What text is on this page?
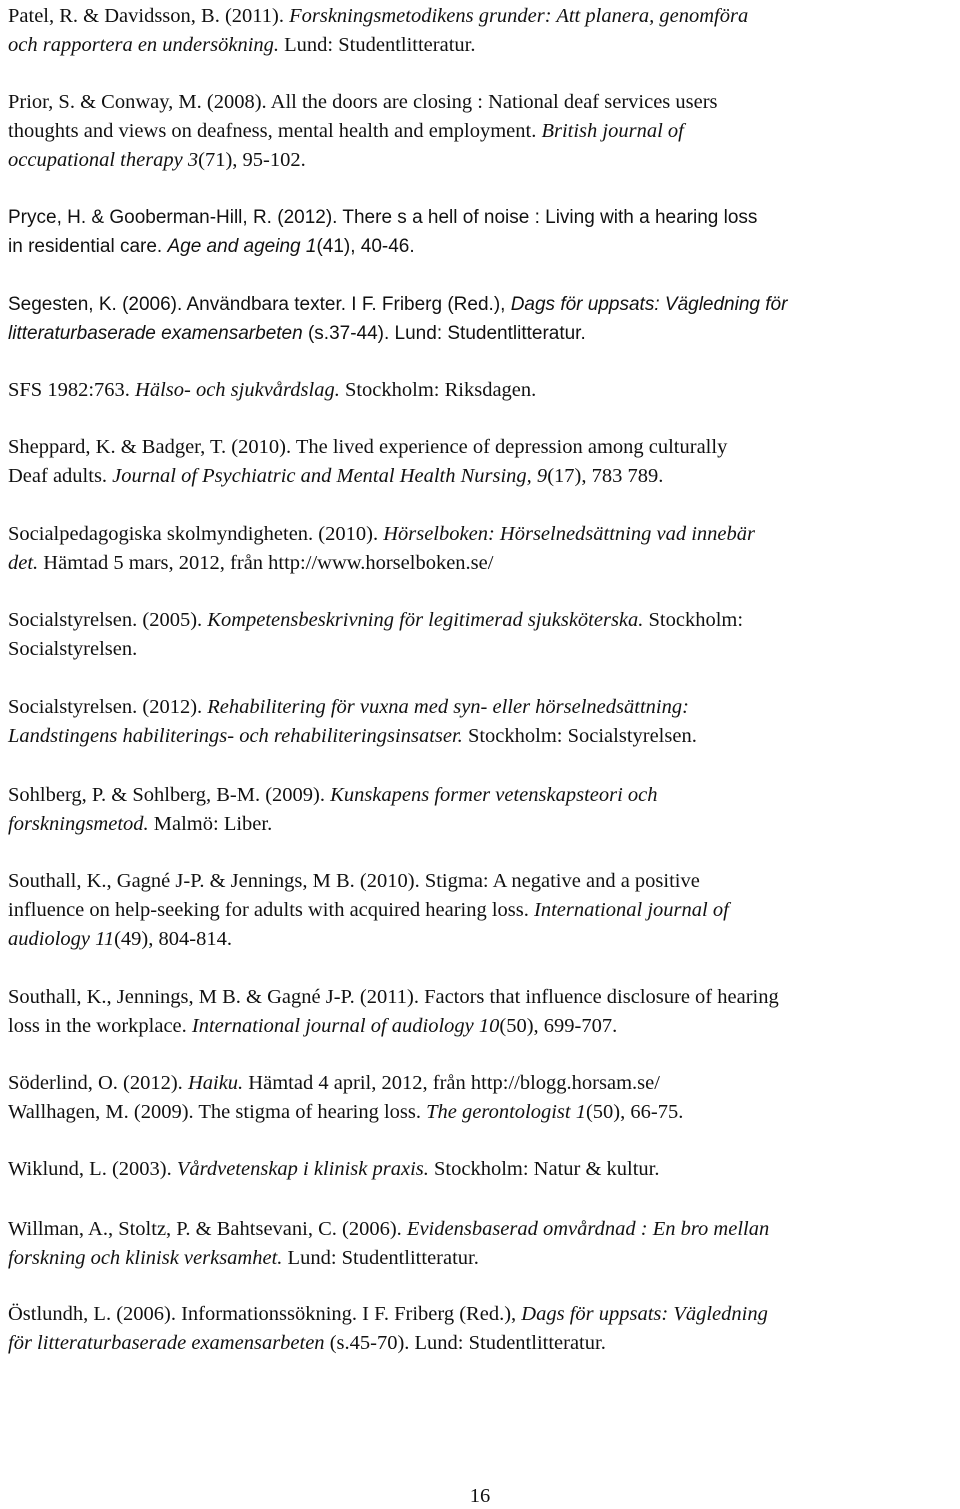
Patel, R. & Davidsson, B. (2011). Forskningsmetodikens grunder: Att planera, genomföra
och rapportera en undersökning. Lund: Studentlitteratur.

Prior, S. & Conway, M. (2008). All the doors are closing : National deaf services users
thoughts and views on deafness, mental health and employment. British journal of
occupational therapy 3(71), 95-102.

Pryce, H. & Gooberman-Hill, R. (2012). There s a hell of noise : Living with a hearing loss
in residential care. Age and ageing 1(41), 40-46.

Segesten, K. (2006). Användbara texter. I F. Friberg (Red.), Dags för uppsats: Vägledning för
litteraturbaserade examensarbeten (s.37-44). Lund: Studentlitteratur.

SFS 1982:763. Hälso- och sjukvårdslag. Stockholm: Riksdagen.

Sheppard, K. & Badger, T. (2010). The lived experience of depression among culturally
Deaf adults. Journal of Psychiatric and Mental Health Nursing, 9(17), 783 789.

Socialpedagogiska skolmyndigheten. (2010). Hörselboken: Hörselnedsättning vad innebär
det. Hämtad 5 mars, 2012, från http://www.horselboken.se/

Socialstyrelsen. (2005). Kompetensbeskrivning för legitimerad sjuksköterska. Stockholm:
Socialstyrelsen.

Socialstyrelsen. (2012). Rehabilitering för vuxna med syn- eller hörselnedsättning:
Landstingens habiliterings- och rehabiliteringsinsatser. Stockholm: Socialstyrelsen.

Sohlberg, P. & Sohlberg, B-M. (2009). Kunskapens former vetenskapsteori och
forskningsmetod. Malmö: Liber.

Southall, K., Gagné J-P. & Jennings, M B. (2010). Stigma: A negative and a positive
influence on help-seeking for adults with acquired hearing loss. International journal of
audiology 11(49), 804-814.

Southall, K., Jennings, M B. & Gagné J-P. (2011). Factors that influence disclosure of hearing
loss in the workplace. International journal of audiology 10(50), 699-707.

Söderlind, O. (2012). Haiku. Hämtad 4 april, 2012, från http://blogg.horsam.se/
Wallhagen, M. (2009). The stigma of hearing loss. The gerontologist 1(50), 66-75.

Wiklund, L. (2003). Vårdvetenskap i klinisk praxis. Stockholm: Natur & kultur.

Willman, A., Stoltz, P. & Bahtsevani, C. (2006). Evidensbaserad omvårdnad : En bro mellan
forskning och klinisk verksamhet. Lund: Studentlitteratur.

Östlundh, L. (2006). Informationssökning. I F. Friberg (Red.), Dags för uppsats: Vägledning
för litteraturbaserade examensarbeten (s.45-70). Lund: Studentlitteratur.

16
